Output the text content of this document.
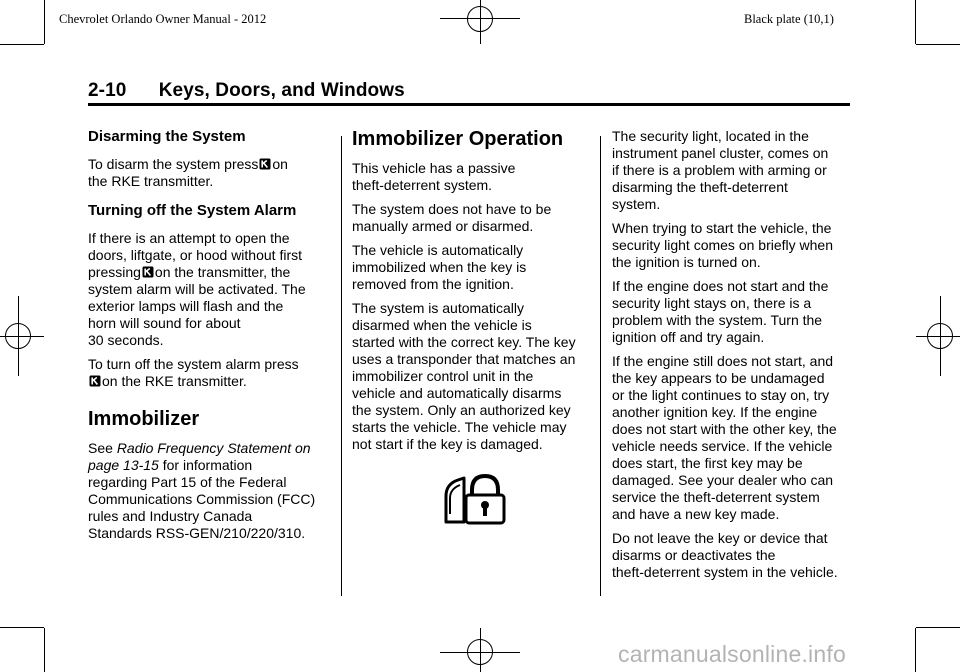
Chevrolet Orlando Owner Manual - 2012	Black plate (10,1)
2-10      Keys, Doors, and Windows
Disarming the System
To disarm the system press on
the RKE transmitter.
Turning off the System Alarm
If there is an attempt to open the
doors, liftgate, or hood without first
pressing on the transmitter, the
system alarm will be activated. The
exterior lamps will flash and the
horn will sound for about
30 seconds.
To turn off the system alarm press
on the RKE transmitter.
Immobilizer
See Radio Frequency Statement on
page 13-15 for information
regarding Part 15 of the Federal
Communications Commission (FCC)
rules and Industry Canada
Standards RSS-GEN/210/220/310.
Immobilizer Operation
This vehicle has a passive
theft-deterrent system.
The system does not have to be
manually armed or disarmed.
The vehicle is automatically
immobilized when the key is
removed from the ignition.
The system is automatically
disarmed when the vehicle is
started with the correct key. The key
uses a transponder that matches an
immobilizer control unit in the
vehicle and automatically disarms
the system. Only an authorized key
starts the vehicle. The vehicle may
not start if the key is damaged.
The security light, located in the
instrument panel cluster, comes on
if there is a problem with arming or
disarming the theft-deterrent
system.
When trying to start the vehicle, the
security light comes on briefly when
the ignition is turned on.
If the engine does not start and the
security light stays on, there is a
problem with the system. Turn the
ignition off and try again.
If the engine still does not start, and
the key appears to be undamaged
or the light continues to stay on, try
another ignition key. If the engine
does not start with the other key, the
vehicle needs service. If the vehicle
does start, the first key may be
damaged. See your dealer who can
service the theft-deterrent system
and have a new key made.
Do not leave the key or device that
disarms or deactivates the
theft-deterrent system in the vehicle.
carmanualsonline.info
